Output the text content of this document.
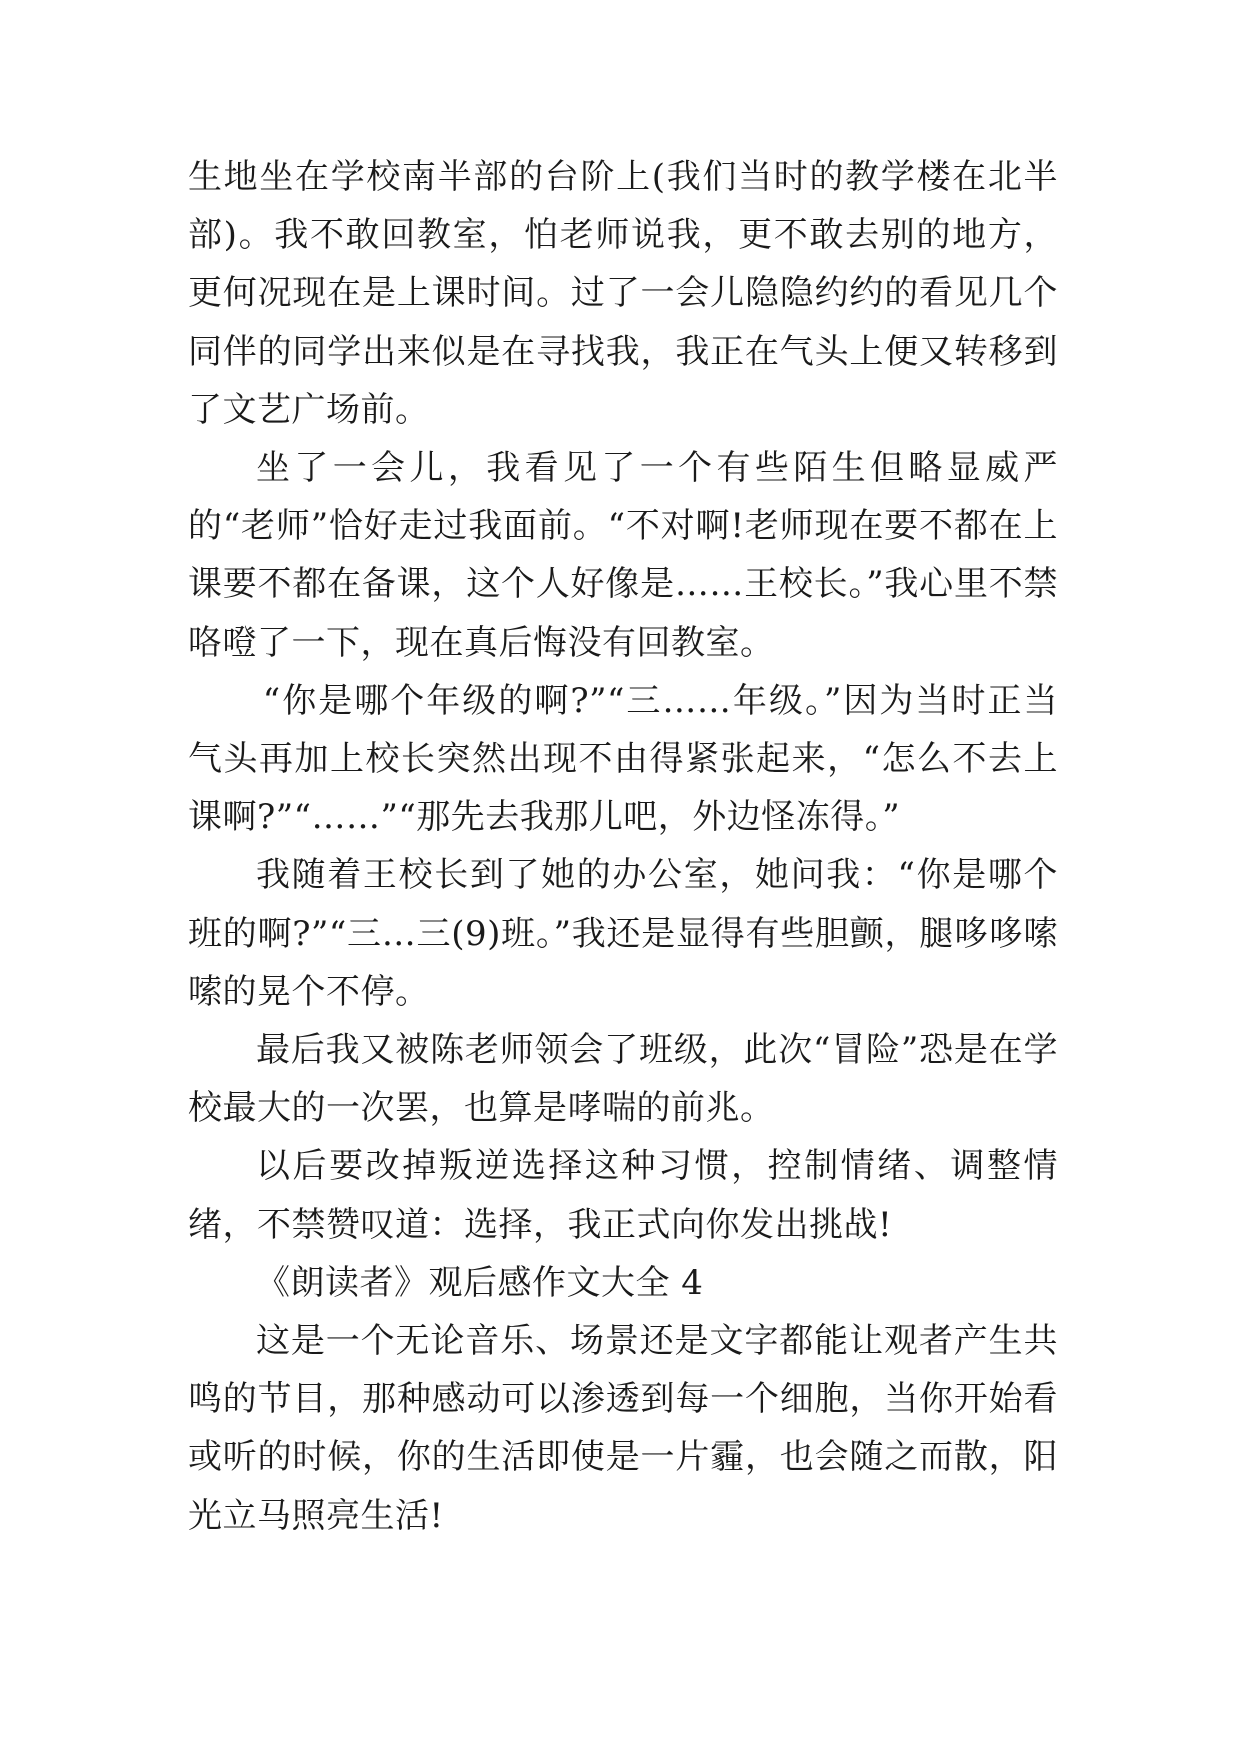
生地坐在学校南半部的台阶上(我们当时的教学楼在北半部)。我不敢回教室，怕老师说我，更不敢去别的地方，更何况现在是上课时间。过了一会儿隐隐约约的看见几个同伴的同学出来似是在寻找我，我正在气头上便又转移到了文艺广场前。

坐了一会儿，我看见了一个有些陌生但略显威严的“老师”恰好走过我面前。“不对啊!老师现在要不都在上课要不都在备课，这个人好像是……王校长。”我心里不禁咯噔了一下，现在真后悔没有回教室。

“你是哪个年级的啊?”“三……年级。”因为当时正当气头再加上校长突然出现不由得紧张起来，“怎么不去上课啊?”“……”“那先去我那儿吧，外边怪冻得。”

我随着王校长到了她的办公室，她问我：“你是哪个班的啊?”“三…三(9)班。”我还是显得有些胆颤，腿哆哆嗦嗦的晃个不停。

最后我又被陈老师领会了班级，此次“冒险”恐是在学校最大的一次罢，也算是哮喘的前兆。

以后要改掉叛逆选择这种习惯，控制情绪、调整情绪，不禁赞叹道：选择，我正式向你发出挑战!

《朗读者》观后感作文大全 4

这是一个无论音乐、场景还是文字都能让观者产生共鸣的节目，那种感动可以渗透到每一个细胞，当你开始看或听的时候，你的生活即使是一片霾，也会随之而散，阳光立马照亮生活!
